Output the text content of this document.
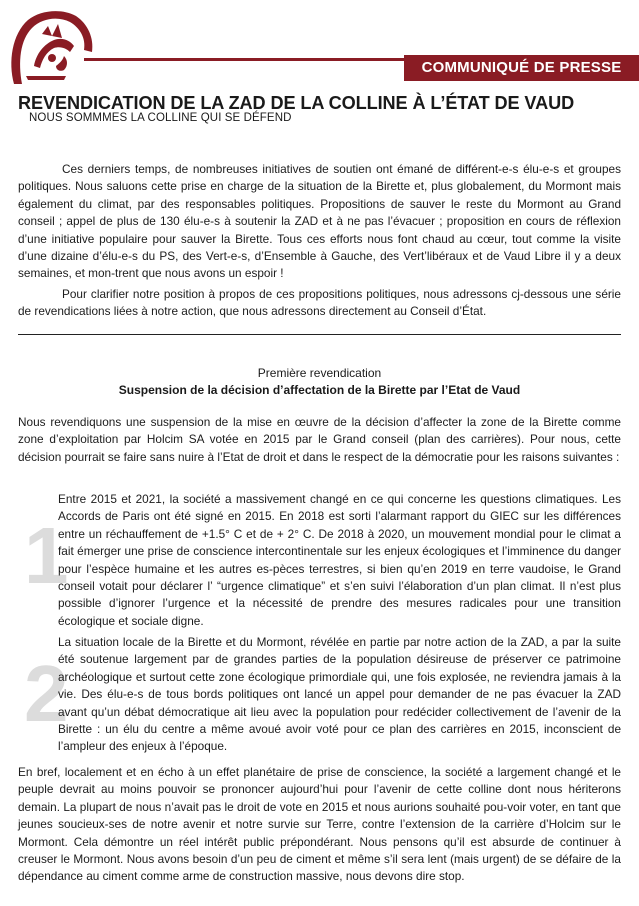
COMMUNIQUÉ DE PRESSE
REVENDICATION DE LA ZAD DE LA COLLINE À L’ÉTAT DE VAUD

NOUS SOMMMES LA COLLINE QUI SE DÉFEND

Ces derniers temps, de nombreuses initiatives de soutien ont émané de différent-e-s élu-e-s et groupes politiques. Nous saluons cette prise en charge de la situation de la Birette et, plus globalement, du Mormont mais également du climat, par des responsables politiques. Propositions de sauver le reste du Mormont au Grand conseil ; appel de plus de 130 élu-e-s à soutenir la ZAD et à ne pas l’évacuer ; proposition en cours de réflexion d’une initiative populaire pour sauver la Birette. Tous ces efforts nous font chaud au cœur, tout comme la visite d’une dizaine d’élu-e-s du PS, des Vert-e-s, d’Ensemble à Gauche, des Vert’libéraux et de Vaud Libre il y a deux semaines, et mon-trent que nous avons un espoir !

Pour clarifier notre position à propos de ces propositions politiques, nous adressons cj-dessous une série de revendications liées à notre action, que nous adressons directement au Conseil d’État.

Première revendication
Suspension de la décision d’affectation de la Birette par l’Etat de Vaud

Nous revendiquons une suspension de la mise en œuvre de la décision d’affecter la zone de la Birette comme zone d’exploitation par Holcim SA votée en 2015 par le Grand conseil (plan des carrières). Pour nous, cette décision pourrait se faire sans nuire à l’Etat de droit et dans le respect de la démocratie pour les raisons suivantes :

1

Entre 2015 et 2021, la société a massivement changé en ce qui concerne les questions climatiques. Les Accords de Paris ont été signé en 2015. En 2018 est sorti l’alarmant rapport du GIEC sur les différences entre un réchauffement de +1.5° C et de + 2° C. De 2018 à 2020, un mouvement mondial pour le climat a fait émerger une prise de conscience intercontinentale sur les enjeux écologiques et l’imminence du danger pour l’espèce humaine et les autres es-pèces terrestres, si bien qu’en 2019 en terre vaudoise, le Grand conseil votait pour déclarer l’ “urgence climatique” et s’en suivi l’élaboration d’un plan climat. Il n’est plus possible d’ignorer l’urgence et la nécessité de prendre des mesures radicales pour une transition écologique et sociale digne.

2

La situation locale de la Birette et du Mormont, révélée en partie par notre action de la ZAD, a par la suite été soutenue largement par de grandes parties de la population désireuse de préserver ce patrimoine archéologique et surtout cette zone écologique primordiale qui, une fois explosée, ne reviendra jamais à la vie. Des élu-e-s de tous bords politiques ont lancé un appel pour demander de ne pas évacuer la ZAD avant qu’un débat démocratique ait lieu avec la population pour redécider collectivement de l’avenir de la Birette : un élu du centre a même avoué avoir voté pour ce plan des carrières en 2015, inconscient de l’ampleur des enjeux à l’époque.

En bref, localement et en écho à un effet planétaire de prise de conscience, la société a largement changé et le peuple devrait au moins pouvoir se prononcer aujourd’hui pour l’avenir de cette colline dont nous hériterons demain. La plupart de nous n’avait pas le droit de vote en 2015 et nous aurions souhaité pou-voir voter, en tant que jeunes soucieux-ses de notre avenir et notre survie sur Terre, contre l’extension de la carrière d’Holcim sur le Mormont. Cela démontre un réel intérêt public prépondérant. Nous pensons qu’il est absurde de continuer à creuser le Mormont. Nous avons besoin d’un peu de ciment et même s’il sera lent (mais urgent) de se défaire de la dépendance au ciment comme arme de construction massive, nous devons dire stop.
